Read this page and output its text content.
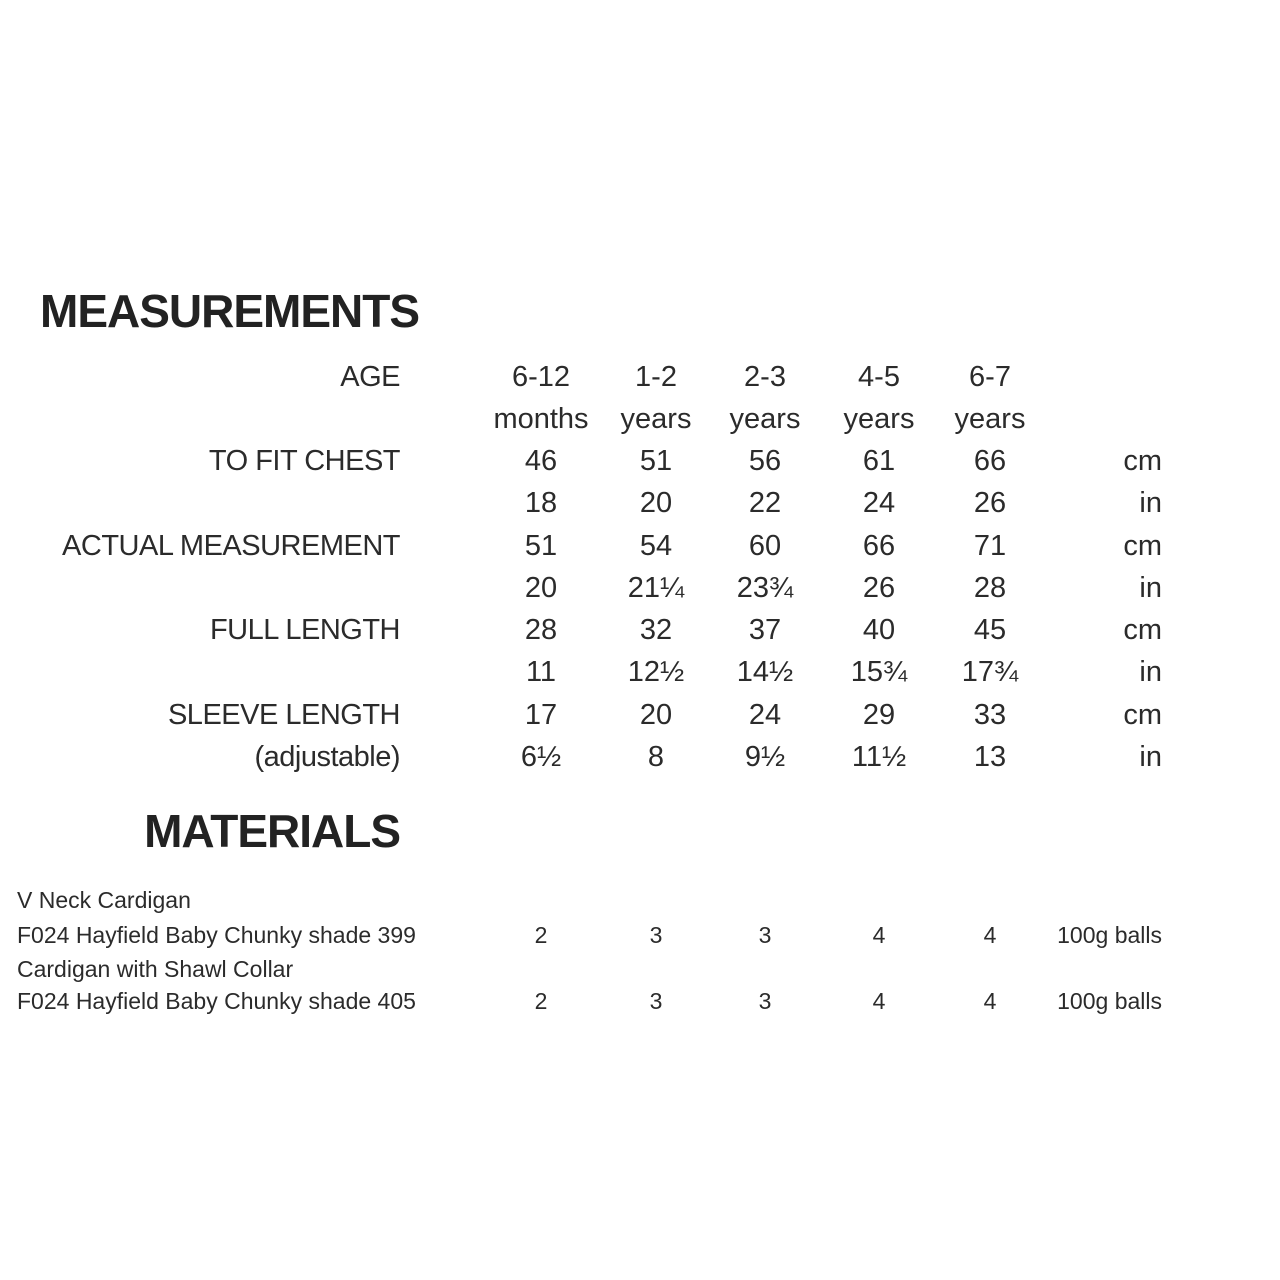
MEASUREMENTS
AGE	6-12	1-2	2-3	4-5	6-7
months	years	years	years	years
TO FIT CHEST	46	51	56	61	66	cm
18	20	22	24	26	in
ACTUAL MEASUREMENT	51	54	60	66	71	cm
20	21¼	23¾	26	28	in
FULL LENGTH	28	32	37	40	45	cm
11	12½	14½	15¾	17¾	in
SLEEVE LENGTH	17	20	24	29	33	cm
(adjustable)	6½	8	9½	11½	13	in
MATERIALS
V Neck Cardigan
F024 Hayfield Baby Chunky shade 399	2	3	3	4	4	100g balls
Cardigan with Shawl Collar
F024 Hayfield Baby Chunky shade 405	2	3	3	4	4	100g balls
